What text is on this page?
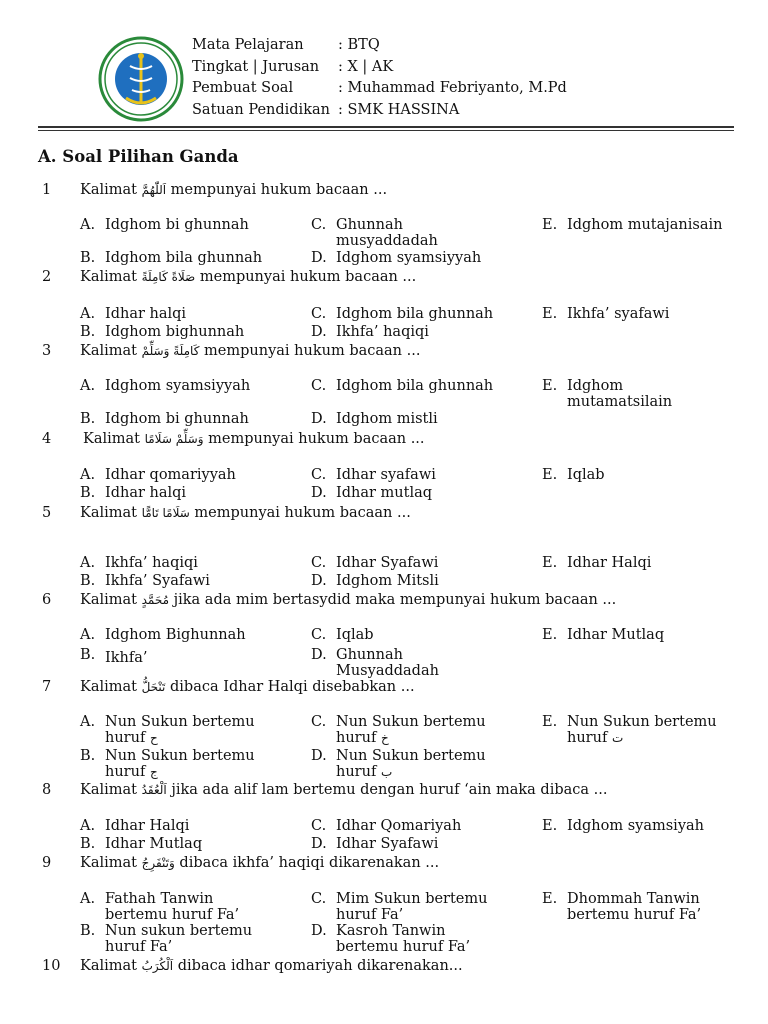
Mata Pelajaran	: BTQ
Tingkat | Jurusan	: X | AK
Pembuat Soal	: Muhammad Febriyanto, M.Pd
Satuan Pendidikan : SMK HASSINA
A. Soal Pilihan Ganda
1 Kalimat اَللّٰهُمَّ mempunyai hukum bacaan ...
A. Idghom bi ghunnah
B. Idghom bila ghunnah
C. Ghunnah
musyaddadah
D. Idghom syamsiyyah
E. Idghom mutajanisain
2 Kalimat صَلَاةً كَامِلَةً mempunyai hukum bacaan ...
A. Idhar halqi
B. Idghom bighunnah
C. Idghom bila ghunnah
D. Ikhfa’ haqiqi
E. Ikhfa’ syafawi
3 Kalimat كَامِلَةً وَسَلِّمْ mempunyai hukum bacaan ...
A. Idghom syamsiyyah
B. Idghom bi ghunnah
C. Idghom bila ghunnah
D. Idghom mistli
E. Idghom
mutamatsilain
4 Kalimat وَسَلِّمْ سَلَامًا mempunyai hukum bacaan ...
A. Idhar qomariyyah
B. Idhar halqi
C. Idhar syafawi
D. Idhar mutlaq
E. Iqlab
5 Kalimat سَلَامًا تَامًّا mempunyai hukum bacaan ...
A. Ikhfa’ haqiqi
B. Ikhfa’ Syafawi
C. Idhar Syafawi
D. Idghom Mitsli
E. Idhar Halqi
6 Kalimat مُحَمَّدٍ jika ada mim bertasydid maka mempunyai hukum bacaan ...
A. Idghom Bighunnah
B. Ikhfa’
C. Iqlab
D. Ghunnah
Musyaddadah
E. Idhar Mutlaq
7 Kalimat تَنْحَلُّ dibaca Idhar Halqi disebabkan ...
A. Nun Sukun bertemu
huruf ح
B. Nun Sukun bertemu
huruf ج
C. Nun Sukun bertemu
huruf خ
D. Nun Sukun bertemu
huruf ب
E. Nun Sukun bertemu
huruf ت
8 Kalimat اَلْعُقَدُ jika ada alif lam bertemu dengan huruf ‘ain maka dibaca ...
A. Idhar Halqi
B. Idhar Mutlaq
C. Idhar Qomariyah
D. Idhar Syafawi
E. Idghom syamsiyah
9 Kalimat وَتَنْفَرِجُ dibaca ikhfa’ haqiqi dikarenakan ...
A. Fathah Tanwin
bertemu huruf Fa’
B. Nun sukun bertemu
huruf Fa’
C. Mim Sukun bertemu
huruf Fa’
D. Kasroh Tanwin
bertemu huruf Fa’
E. Dhommah Tanwin
bertemu huruf Fa’
10 Kalimat اَلْكُرَبُ dibaca idhar qomariyah dikarenakan...
